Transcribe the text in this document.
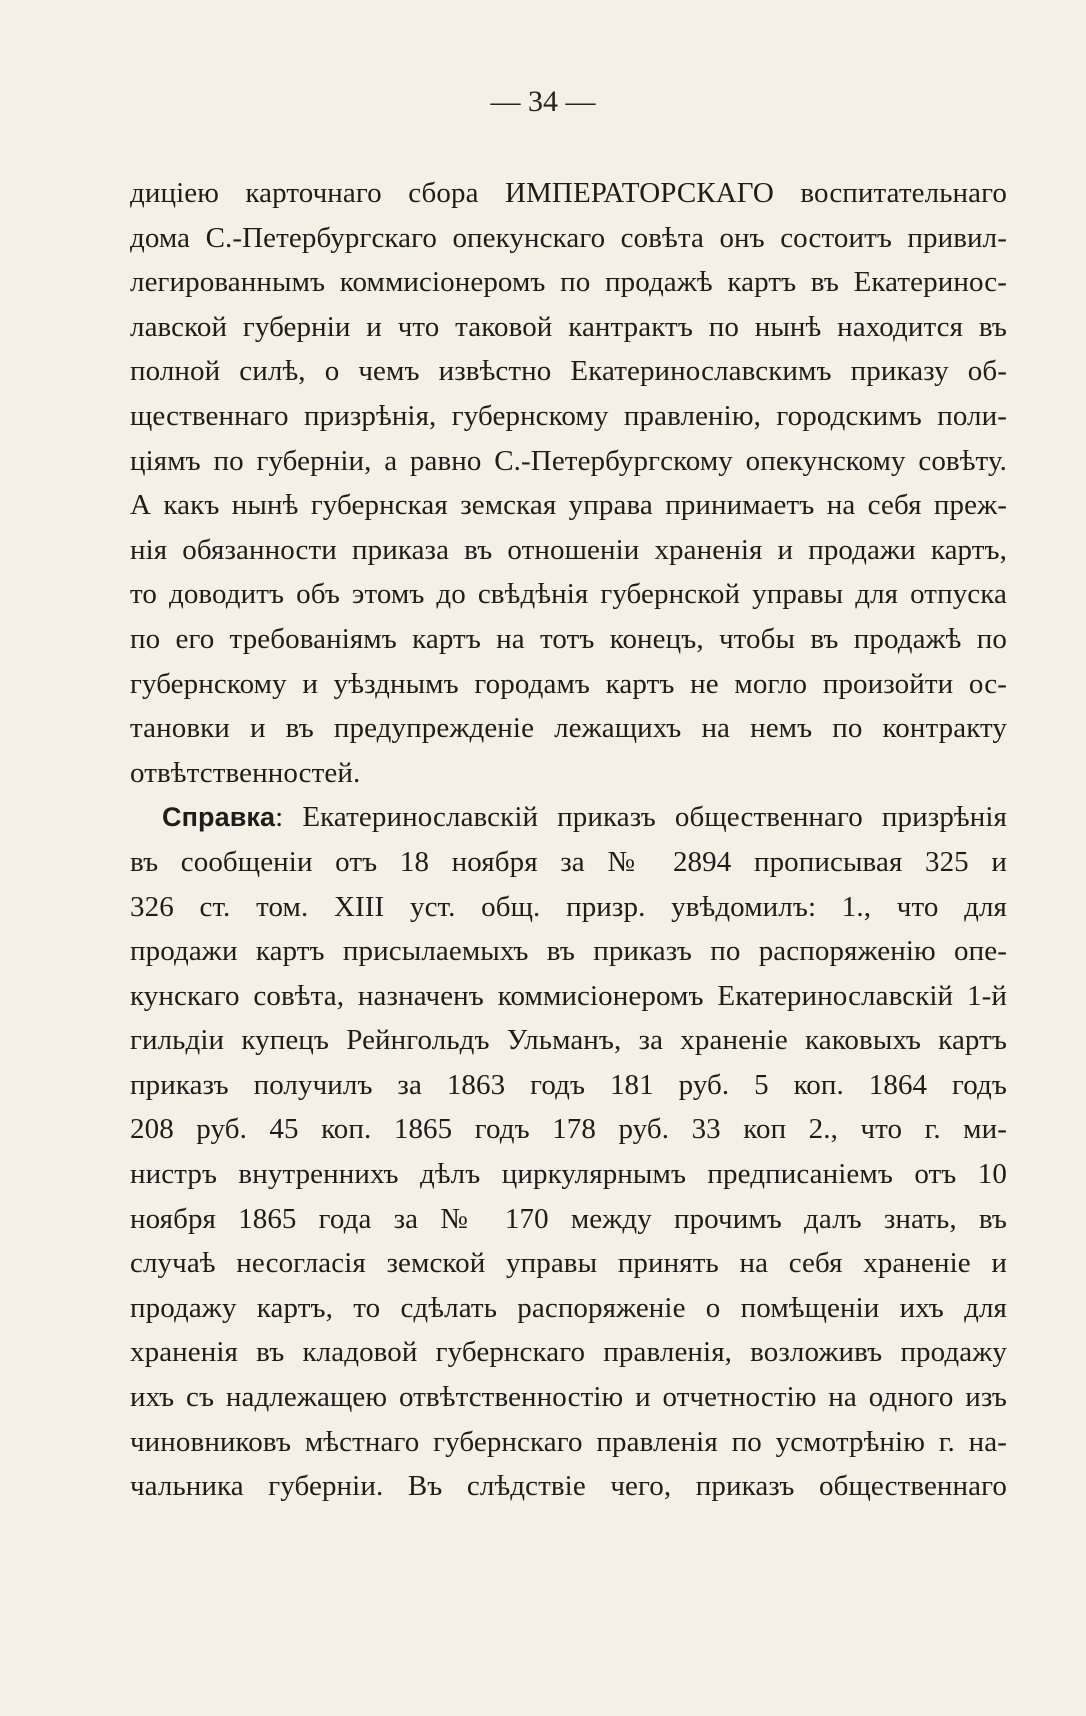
— 34 —
диціею карточнаго сбора ИМПЕРАТОРСКАГО воспитательнаго
дома С.-Петербургскаго опекунскаго совѣта онъ состоитъ привил-
легированнымъ коммисіонеромъ по продажѣ картъ въ Екатеринос-
лавской губерніи и что таковой кантрактъ по нынѣ находится въ
полной силѣ, о чемъ извѣстно Екатеринославскимъ приказу об-
щественнаго призрѣнія, губернскому правленію, городскимъ поли-
ціямъ по губерніи, а равно С.-Петербургскому опекунскому совѣту.
А какъ нынѣ губернская земская управа принимаетъ на себя преж-
нія обязанности приказа въ отношеніи храненія и продажи картъ,
то доводитъ объ этомъ до свѣдѣнія губернской управы для отпуска
по его требованіямъ картъ на тотъ конецъ, чтобы въ продажѣ по
губернскому и уѣзднымъ городамъ картъ не могло произойти ос-
тановки и въ предупрежденіе лежащихъ на немъ по контракту
отвѣтственностей.
Справка: Екатеринославскій приказъ общественнаго призрѣнія
въ сообщеніи отъ 18 ноября за № 2894 прописывая 325 и
326 ст. том. XIII уст. общ. призр. увѣдомилъ: 1., что для
продажи картъ присылаемыхъ въ приказъ по распоряженію опе-
кунскаго совѣта, назначенъ коммисіонеромъ Екатеринославскій 1-й
гильдіи купецъ Рейнгольдъ Ульманъ, за храненіе каковыхъ картъ
приказъ получилъ за 1863 годъ 181 руб. 5 коп. 1864 годъ
208 руб. 45 коп. 1865 годъ 178 руб. 33 коп 2., что г. ми-
нистръ внутреннихъ дѣлъ циркулярнымъ предписаніемъ отъ 10
ноября 1865 года за № 170 между прочимъ далъ знать, въ
случаѣ несогласія земской управы принять на себя храненіе и
продажу картъ, то сдѣлать распоряженіе о помѣщеніи ихъ для
храненія въ кладовой губернскаго правленія, возложивъ продажу
ихъ съ надлежащею отвѣтственностію и отчетностію на одного изъ
чиновниковъ мѣстнаго губернскаго правленія по усмотрѣнію г. на-
чальника губерніи. Въ слѣдствіе чего, приказъ общественнаго
